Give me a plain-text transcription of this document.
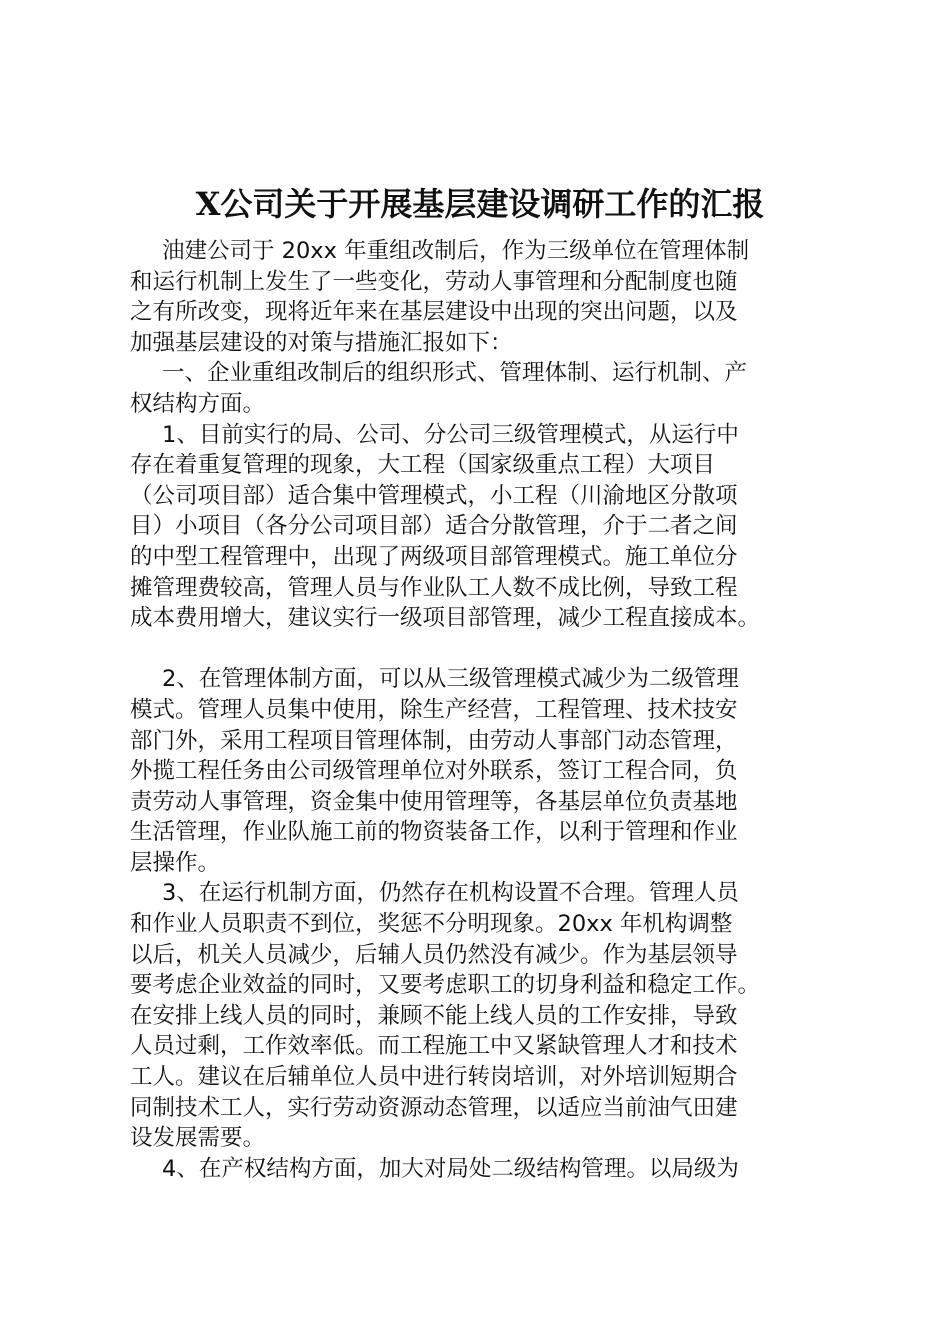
X公司关于开展基层建设调研工作的汇报

油建公司于 20xx 年重组改制后，作为三级单位在管理体制

和运行机制上发生了一些变化，劳动人事管理和分配制度也随

之有所改变，现将近年来在基层建设中出现的突出问题，以及

加强基层建设的对策与措施汇报如下：

一、企业重组改制后的组织形式、管理体制、运行机制、产

权结构方面。

1、目前实行的局、公司、分公司三级管理模式，从运行中

存在着重复管理的现象，大工程（国家级重点工程）大项目

（公司项目部）适合集中管理模式，小工程（川渝地区分散项

目）小项目（各分公司项目部）适合分散管理，介于二者之间

的中型工程管理中，出现了两级项目部管理模式。施工单位分

摊管理费较高，管理人员与作业队工人数不成比例，导致工程

成本费用增大，建议实行一级项目部管理，减少工程直接成本。

2、在管理体制方面，可以从三级管理模式减少为二级管理

模式。管理人员集中使用，除生产经营，工程管理、技术技安

部门外，采用工程项目管理体制，由劳动人事部门动态管理，

外揽工程任务由公司级管理单位对外联系，签订工程合同，负

责劳动人事管理，资金集中使用管理等，各基层单位负责基地

生活管理，作业队施工前的物资装备工作，以利于管理和作业

层操作。

3、在运行机制方面，仍然存在机构设置不合理。管理人员

和作业人员职责不到位，奖惩不分明现象。20xx 年机构调整

以后，机关人员减少，后辅人员仍然没有减少。作为基层领导

要考虑企业效益的同时，又要考虑职工的切身利益和稳定工作。

在安排上线人员的同时，兼顾不能上线人员的工作安排，导致

人员过剩，工作效率低。而工程施工中又紧缺管理人才和技术

工人。建议在后辅单位人员中进行转岗培训，对外培训短期合

同制技术工人，实行劳动资源动态管理，以适应当前油气田建

设发展需要。

4、在产权结构方面，加大对局处二级结构管理。以局级为
